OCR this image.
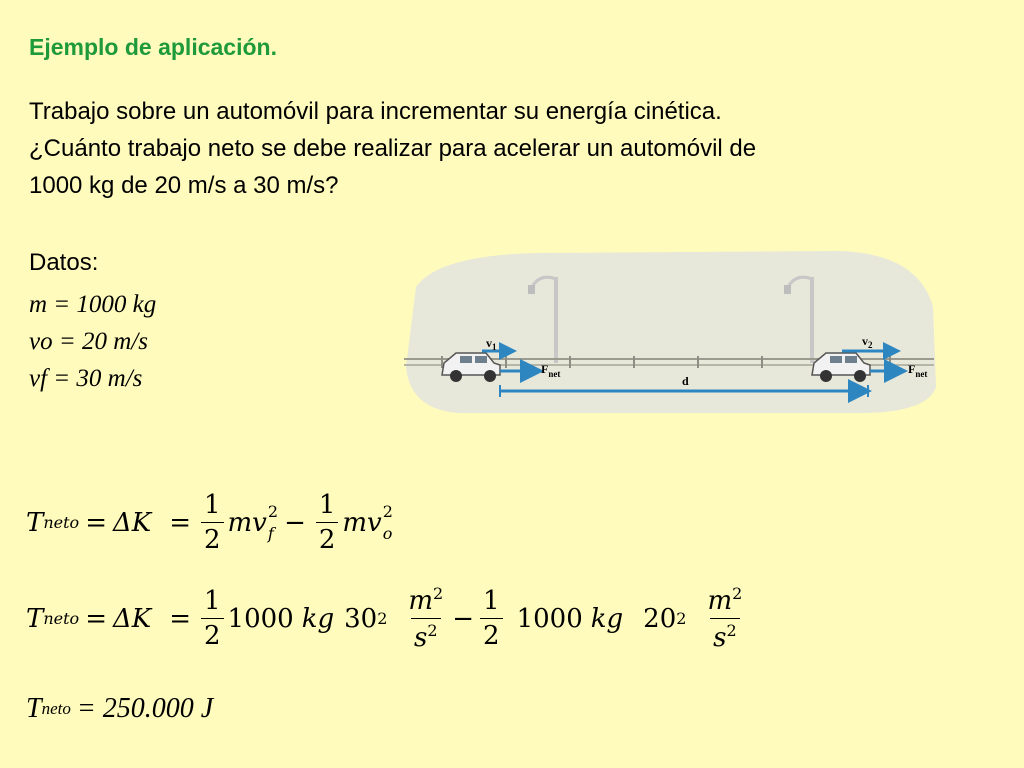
Ejemplo de aplicación.
Trabajo sobre un automóvil para incrementar su energía cinética.
¿Cuánto trabajo neto se debe realizar para acelerar un automóvil de
1000 kg de 20 m/s a 30 m/s?
Datos:
m = 1000 kg
vo = 20 m/s
vf = 30 m/s
$v_1$	$v_2$
$F_{net}$	$F_{net}$
d
T neto = $\Delta K = \frac{1}{2}$ mv 2
$f - \frac{1}{2}$ mv 2
o
T neto = $\Delta K = \frac{1}{2} 1000$ kg 30 $2 \frac{m^2}{s^2} - \frac{1}{2} 1000$ kg 20 $2 \frac{m^2}{s^2}$
T neto = 250.000 J
